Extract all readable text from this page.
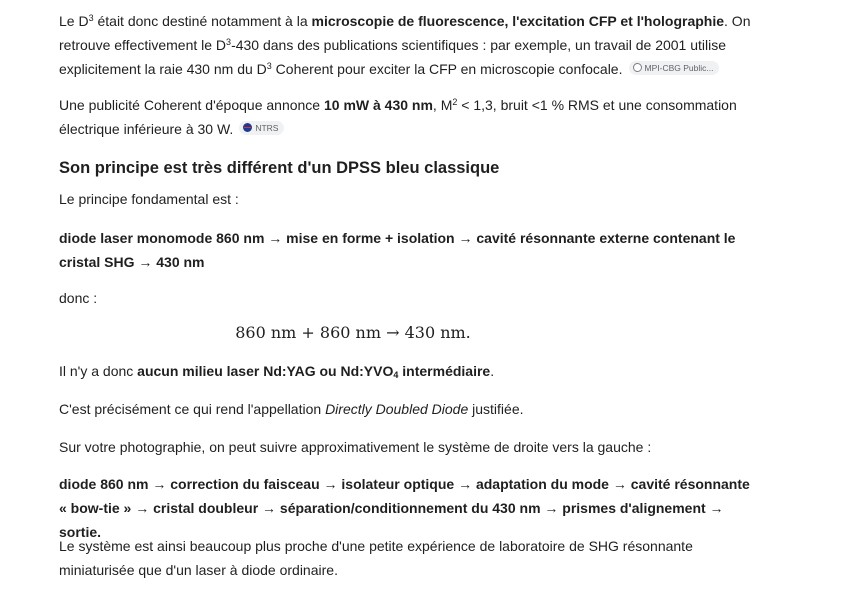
Le $D^3$ était donc destiné notamment à la microscopie de fluorescence, l'excitation CFP et l'holographie. On retrouve effectivement le $D^3-430$ dans des publications scientifiques : par exemple, un travail de 2001 utilise explicitement la raie 430 nm du $D^3$ Coherent pour exciter la CFP en microscopie confocale.	MPI-CBG Public...

Une publicité Coherent d'époque annonce 10 mW à 430 nm, $M^2 < 1,3$, bruit <1 % RMS et une consommation électrique inférieure à 30 W.	NTRS

Son principe est très différent d'un DPSS bleu classique

Le principe fondamental est :

diode laser monomode 860 nm → mise en forme + isolation → cavité résonnante externe contenant le cristal SHG → 430 nm

donc :

860 nm + 860 nm → 430 nm.

Il n'y a donc aucun milieu laser Nd:YAG ou $Nd:YVO_4$ intermédiaire.

C'est précisément ce qui rend l'appellation Directly Doubled Diode justifiée.

Sur votre photographie, on peut suivre approximativement le système de droite vers la gauche :

diode 860 nm → correction du faisceau → isolateur optique → adaptation du mode → cavité résonnante « bow-tie » → cristal doubleur → séparation/conditionnement du 430 nm → prismes d'alignement → sortie.

Le système est ainsi beaucoup plus proche d'une petite expérience de laboratoire de SHG résonnante miniaturisée que d'un laser à diode ordinaire.
